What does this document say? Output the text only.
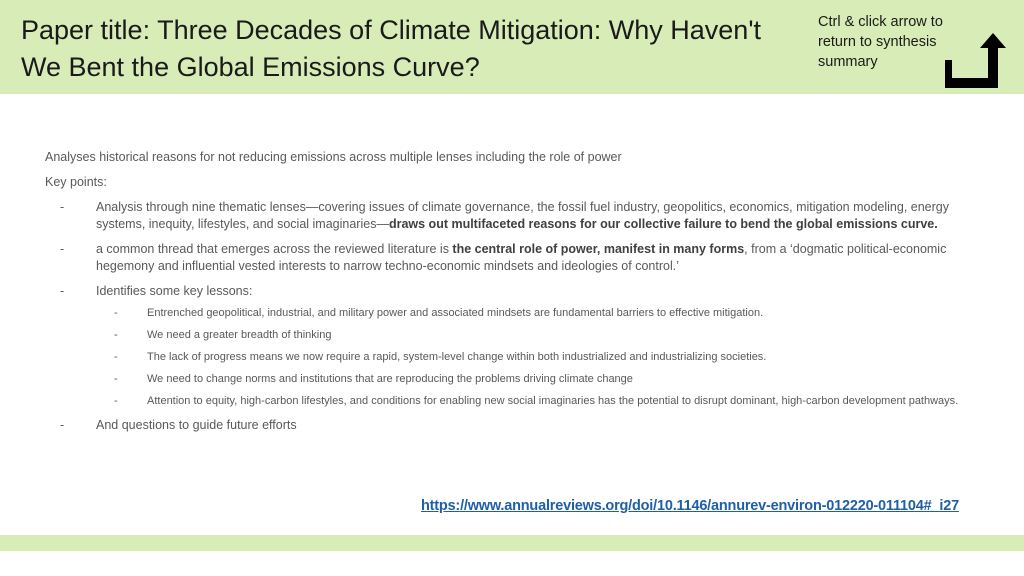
Paper title: Three Decades of Climate Mitigation: Why Haven't We Bent the Global Emissions Curve?
Ctrl & click arrow to return to synthesis summary

Analyses historical reasons for not reducing emissions across multiple lenses including the role of power

Key points:

-	Analysis through nine thematic lenses—covering issues of climate governance, the fossil fuel industry, geopolitics, economics, mitigation modeling, energy systems, inequity, lifestyles, and social imaginaries—draws out multifaceted reasons for our collective failure to bend the global emissions curve.
-	a common thread that emerges across the reviewed literature is the central role of power, manifest in many forms, from a ‘dogmatic political-economic hegemony and influential vested interests to narrow techno-economic mindsets and ideologies of control.’
-	Identifies some key lessons:
-	Entrenched geopolitical, industrial, and military power and associated mindsets are fundamental barriers to effective mitigation.
-	We need a greater breadth of thinking
-	The lack of progress means we now require a rapid, system-level change within both industrialized and industrializing societies.
-	We need to change norms and institutions that are reproducing the problems driving climate change
-	Attention to equity, high-carbon lifestyles, and conditions for enabling new social imaginaries has the potential to disrupt dominant, high-carbon development pathways.
-	And questions to guide future efforts
https://www.annualreviews.org/doi/10.1146/annurev-environ-012220-011104#_i27
